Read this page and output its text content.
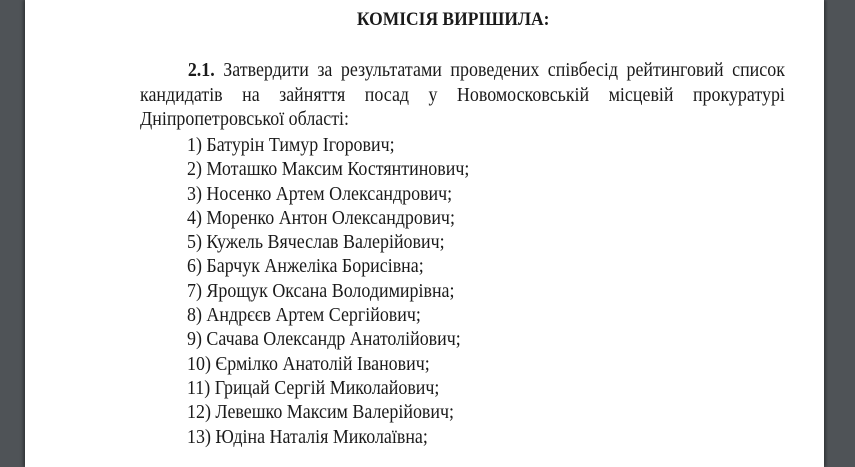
КОМІСІЯ ВИРІШИЛА:
2.1. Затвердити за результатами проведених співбесід рейтинговий список кандидатів на зайняття посад у Новомосковській місцевій прокуратурі Дніпропетровської області:
1) Батурін Тимур Ігорович;
2) Моташко Максим Костянтинович;
3) Носенко Артем Олександрович;
4) Моренко Антон Олександрович;
5) Кужель Вячеслав Валерійович;
6) Барчук Анжеліка Борисівна;
7) Ярощук Оксана Володимирівна;
8) Андрєєв Артем Сергійович;
9) Сачава Олександр Анатолійович;
10) Єрмілко Анатолій Іванович;
11) Грицай Сергій Миколайович;
12) Левешко Максим Валерійович;
13) Юдіна Наталія Миколаївна;
